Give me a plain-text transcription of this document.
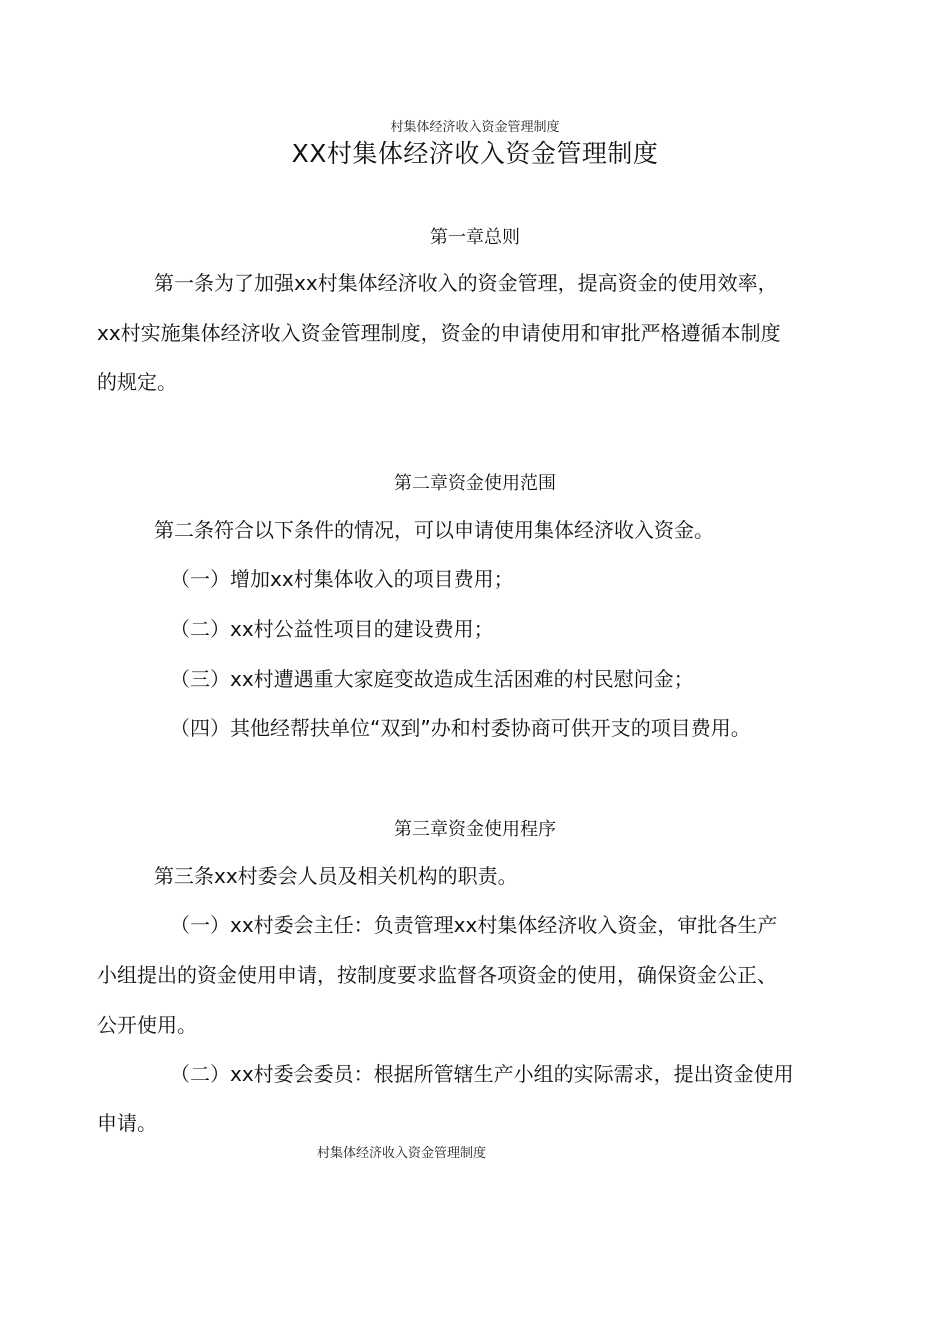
村集体经济收入资金管理制度
XX村集体经济收入资金管理制度
第一章总则
第一条为了加强xx村集体经济收入的资金管理，提高资金的使用效率，
xx村实施集体经济收入资金管理制度，资金的申请使用和审批严格遵循本制度
的规定。
第二章资金使用范围
第二条符合以下条件的情况，可以申请使用集体经济收入资金。
（一）增加xx村集体收入的项目费用；
（二）xx村公益性项目的建设费用；
（三）xx村遭遇重大家庭变故造成生活困难的村民慰问金；
（四）其他经帮扶单位“双到”办和村委协商可供开支的项目费用。
第三章资金使用程序
第三条xx村委会人员及相关机构的职责。
（一）xx村委会主任：负责管理xx村集体经济收入资金，审批各生产
小组提出的资金使用申请，按制度要求监督各项资金的使用，确保资金公正、
公开使用。
（二）xx村委会委员：根据所管辖生产小组的实际需求，提出资金使用
申请。
村集体经济收入资金管理制度
